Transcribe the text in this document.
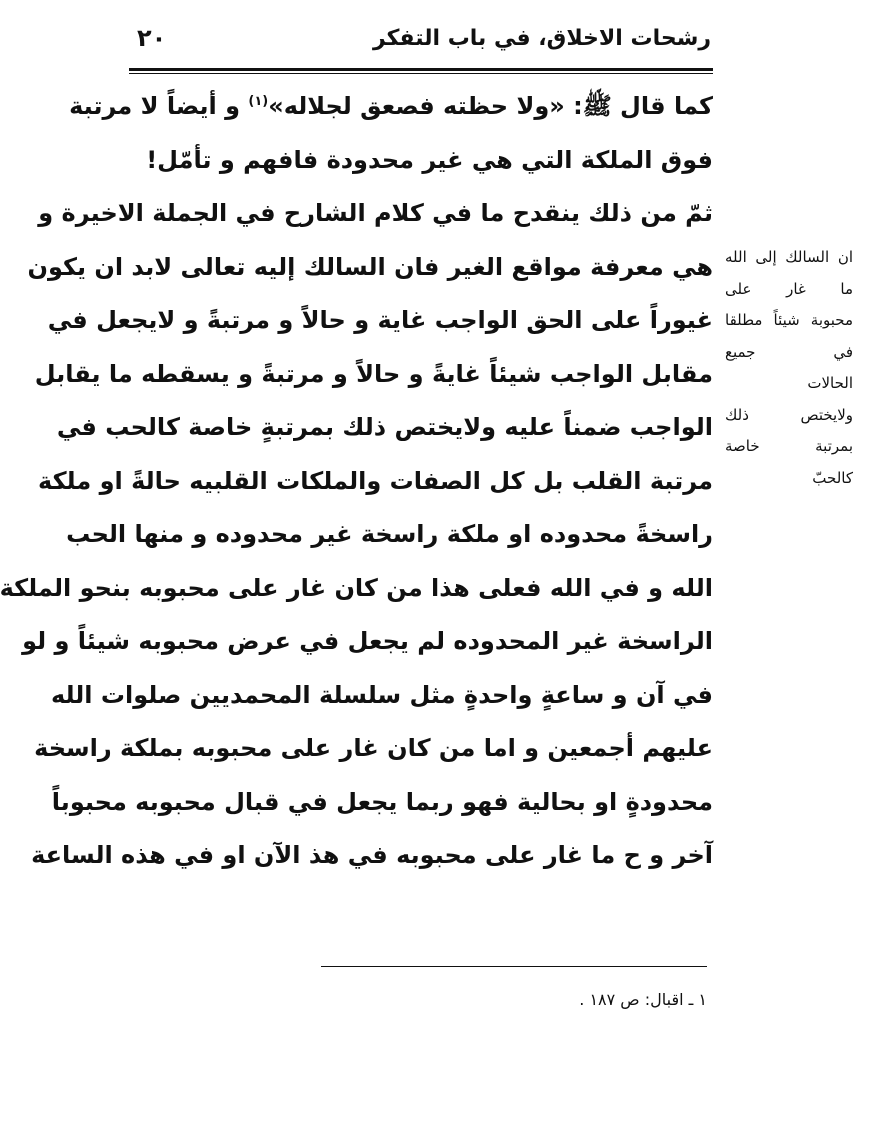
رشحات الاخلاق، في باب التفكر
٢٠
كما قال ﷺ: «ولا حظته فصعق لجلاله»$^{(١)}$ و أيضاً لا مرتبة
فوق الملكة التي هي غير محدودة فافهم و تأمّل!
ثمّ من ذلك ينقدح ما في كلام الشارح في الجملة الاخيرة و
هي معرفة مواقع الغير فان السالك إليه تعالى لابد ان يكون
غيوراً على الحق الواجب غاية و حالاً و مرتبةً و لايجعل في
مقابل الواجب شيئاً غايةً و حالاً و مرتبةً و يسقطه ما يقابل
الواجب ضمناً عليه ولايختص ذلك بمرتبةٍ خاصة كالحب في
مرتبة القلب بل كل الصفات والملكات القلبيه حالةً او ملكة
راسخةً محدوده او ملكة راسخة غير محدوده و منها الحب
الله و في الله فعلى هذا من كان غار على محبوبه بنحو الملكة
الراسخة غير المحدوده لم يجعل في عرض محبوبه شيئاً و لو
في آن و ساعةٍ واحدةٍ مثل سلسلة المحمديين صلوات الله
عليهم أجمعين و اما من كان غار على محبوبه بملكة راسخة
محدودةٍ او بحالية فهو ربما يجعل في قبال محبوبه محبوباً
آخر و ح ما غار على محبوبه في هذ الآن او في هذه الساعة
ان السالك إلى الله
ما غار على
محبوبة شيئاً مطلقا
في جميع
الحالات
ولايختص ذلك
بمرتبة خاصة
كالحبّ
١ ـ اقبال: ص ١٨٧ .
